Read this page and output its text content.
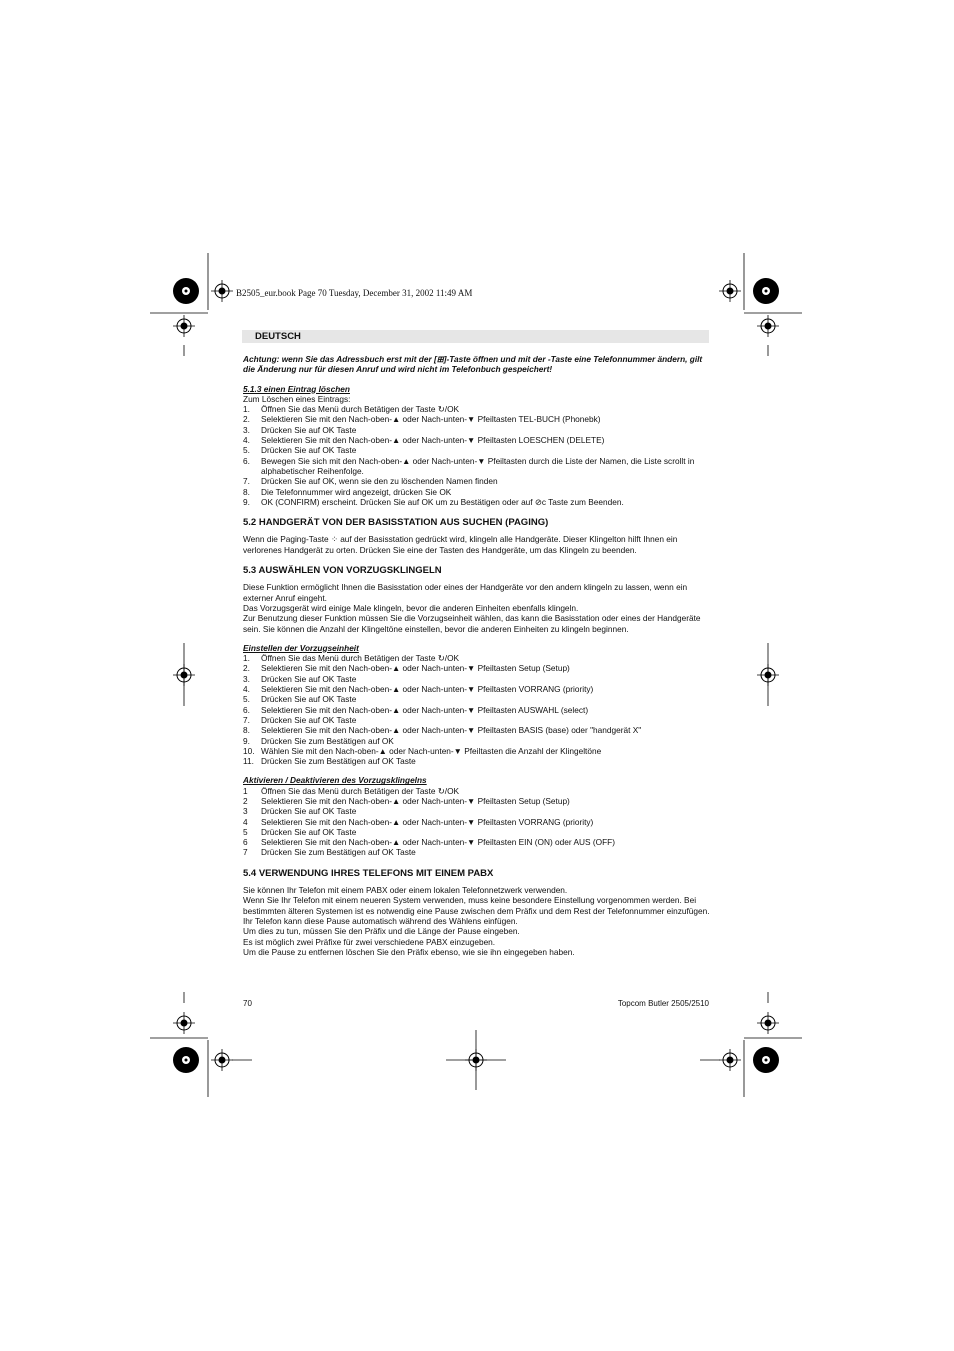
B2505_eur.book Page 70 Tuesday, December 31, 2002 11:49 AM
DEUTSCH

Achtung: wenn Sie das Adressbuch erst mit der [⊞]-Taste öffnen und mit der -Taste eine Telefonnummer ändern, gilt die Änderung nur für diesen Anruf und wird nicht im Telefonbuch gespeichert!

5.1.3 einen Eintrag löschen

Zum Löschen eines Eintrags:

1. Öffnen Sie das Menü durch Betätigen der Taste ↻/OK
2. Selektieren Sie mit den Nach-oben-▲ oder Nach-unten-▼ Pfeiltasten TEL-BUCH (Phonebk)
3. Drücken Sie auf OK Taste
4. Selektieren Sie mit den Nach-oben-▲ oder Nach-unten-▼ Pfeiltasten LOESCHEN (DELETE)
5. Drücken Sie auf OK Taste
6. Bewegen Sie sich mit den Nach-oben-▲ oder Nach-unten-▼ Pfeiltasten durch die Liste der Namen, die Liste scrollt in alphabetischer Reihenfolge.
7. Drücken Sie auf OK, wenn sie den zu löschenden Namen finden
8. Die Telefonnummer wird angezeigt, drücken Sie OK
9. OK (CONFIRM) erscheint. Drücken Sie auf OK um zu Bestätigen oder auf ⊘c Taste zum Beenden.

5.2 HANDGERÄT VON DER BASISSTATION AUS SUCHEN (PAGING)

Wenn die Paging-Taste ⁘ auf der Basisstation gedrückt wird, klingeln alle Handgeräte. Dieser Klingelton hilft Ihnen ein verlorenes Handgerät zu orten. Drücken Sie eine der Tasten des Handgeräte, um das Klingeln zu beenden.

5.3 AUSWÄHLEN VON VORZUGSKLINGELN

Diese Funktion ermöglicht Ihnen die Basisstation oder eines der Handgeräte vor den andern klingeln zu lassen, wenn ein externer Anruf eingeht.

Das Vorzugsgerät wird einige Male klingeln, bevor die anderen Einheiten ebenfalls klingeln.

Zur Benutzung dieser Funktion müssen Sie die Vorzugseinheit wählen, das kann die Basisstation oder eines der Handgeräte sein. Sie können die Anzahl der Klingeltöne einstellen, bevor die anderen Einheiten zu klingeln beginnen.

Einstellen der Vorzugseinheit

1. Öffnen Sie das Menü durch Betätigen der Taste ↻/OK
2. Selektieren Sie mit den Nach-oben-▲ oder Nach-unten-▼ Pfeiltasten Setup (Setup)
3. Drücken Sie auf OK Taste
4. Selektieren Sie mit den Nach-oben-▲ oder Nach-unten-▼ Pfeiltasten VORRANG (priority)
5. Drücken Sie auf OK Taste
6. Selektieren Sie mit den Nach-oben-▲ oder Nach-unten-▼ Pfeiltasten AUSWAHL (select)
7. Drücken Sie auf OK Taste
8. Selektieren Sie mit den Nach-oben-▲ oder Nach-unten-▼ Pfeiltasten BASIS (base) oder "handgerät X"
9. Drücken Sie zum Bestätigen auf OK
10. Wählen Sie mit den Nach-oben-▲ oder Nach-unten-▼ Pfeiltasten die Anzahl der Klingeltöne
11. Drücken Sie zum Bestätigen auf OK Taste

Aktivieren / Deaktivieren des Vorzugsklingelns

1 Öffnen Sie das Menü durch Betätigen der Taste ↻/OK
2 Selektieren Sie mit den Nach-oben-▲ oder Nach-unten-▼ Pfeiltasten Setup (Setup)
3 Drücken Sie auf OK Taste
4 Selektieren Sie mit den Nach-oben-▲ oder Nach-unten-▼ Pfeiltasten VORRANG (priority)
5 Drücken Sie auf OK Taste
6 Selektieren Sie mit den Nach-oben-▲ oder Nach-unten-▼ Pfeiltasten EIN (ON) oder AUS (OFF)
7 Drücken Sie zum Bestätigen auf OK Taste

5.4 VERWENDUNG IHRES TELEFONS MIT EINEM PABX

Sie können Ihr Telefon mit einem PABX oder einem lokalen Telefonnetzwerk verwenden.

Wenn Sie Ihr Telefon mit einem neueren System verwenden, muss keine besondere Einstellung vorgenommen werden. Bei bestimmten älteren Systemen ist es notwendig eine Pause zwischen dem Präfix und dem Rest der Telefonnummer einzufügen. Ihr Telefon kann diese Pause automatisch während des Wählens einfügen.

Um dies zu tun, müssen Sie den Präfix und die Länge der Pause eingeben.

Es ist möglich zwei Präfixe für zwei verschiedene PABX einzugeben.

Um die Pause zu entfernen löschen Sie den Präfix ebenso, wie sie ihn eingegeben haben.

70	Topcom Butler 2505/2510
